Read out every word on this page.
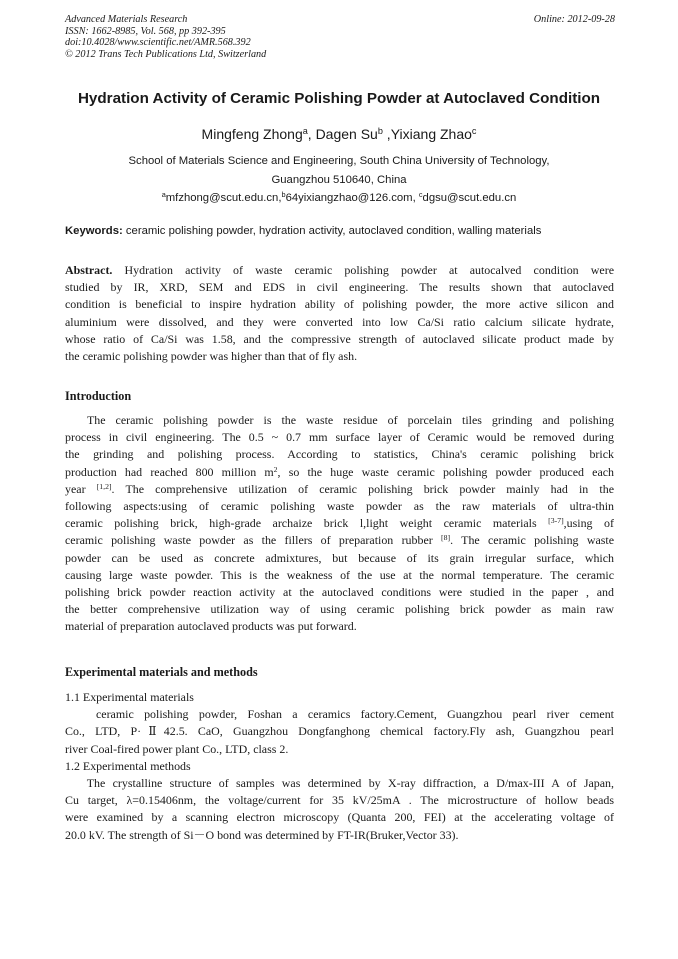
Advanced Materials Research
ISSN: 1662-8985, Vol. 568, pp 392-395
doi:10.4028/www.scientific.net/AMR.568.392
© 2012 Trans Tech Publications Ltd, Switzerland
Online: 2012-09-28
Hydration Activity of Ceramic Polishing Powder at Autoclaved Condition
Mingfeng Zhong$^a$, Dagen Su$^b$ ,Yixiang Zhao$^c$
School of Materials Science and Engineering, South China University of Technology,
Guangzhou 510640, China
$^a$mfzhong@scut.edu.cn,$^b$64yixiangzhao@126.com, $^c$dgsu@scut.edu.cn
Keywords: ceramic polishing powder, hydration activity, autoclaved condition, walling materials
Abstract. Hydration activity of waste ceramic polishing powder at autocalved condition were
studied by IR, XRD, SEM and EDS in civil engineering. The results shown that autoclaved
condition is beneficial to inspire hydration ability of polishing powder, the more active silicon and
aluminium were dissolved, and they were converted into low Ca/Si ratio calcium silicate hydrate,
whose ratio of Ca/Si was 1.58, and the compressive strength of autoclaved silicate product made by
the ceramic polishing powder was higher than that of fly ash.
Introduction
The ceramic polishing powder is the waste residue of porcelain tiles grinding and polishing
process in civil engineering. The 0.5 ~ 0.7 mm surface layer of Ceramic would be removed during
the grinding and polishing process. According to statistics, China's ceramic polishing brick
production had reached 800 million $m^2$, so the huge waste ceramic polishing powder produced each
year [1,2]. The comprehensive utilization of ceramic polishing brick powder mainly had in the
following aspects:using of ceramic polishing waste powder as the raw materials of ultra-thin
ceramic polishing brick, high-grade archaize brick l,light weight ceramic materials [3-7],using of
ceramic polishing waste powder as the fillers of preparation rubber [8]. The ceramic polishing waste
powder can be used as concrete admixtures, but because of its grain irregular surface, which
causing large waste powder. This is the weakness of the use at the normal temperature. The ceramic
polishing brick powder reaction activity at the autoclaved conditions were studied in the paper , and
the better comprehensive utilization way of using ceramic polishing brick powder as main raw
material of preparation autoclaved products was put forward.
Experimental materials and methods
1.1 Experimental materials
ceramic polishing powder, Foshan a ceramics factory.Cement, Guangzhou pearl river cement
Co., LTD, P·Ⅱ42.5. CaO, Guangzhou Dongfanghong chemical factory.Fly ash, Guangzhou pearl
river Coal-fired power plant Co., LTD, class 2.
1.2 Experimental methods
The crystalline structure of samples was determined by X-ray diffraction, a D/max-III A of Japan,
Cu target, λ=0.15406nm, the voltage/current for 35 kV/25mA . The microstructure of hollow beads
were examined by a scanning electron microscopy (Quanta 200, FEI) at the accelerating voltage of
20.0 kV. The strength of Si－O bond was determined by FT-IR(Bruker,Vector 33).
